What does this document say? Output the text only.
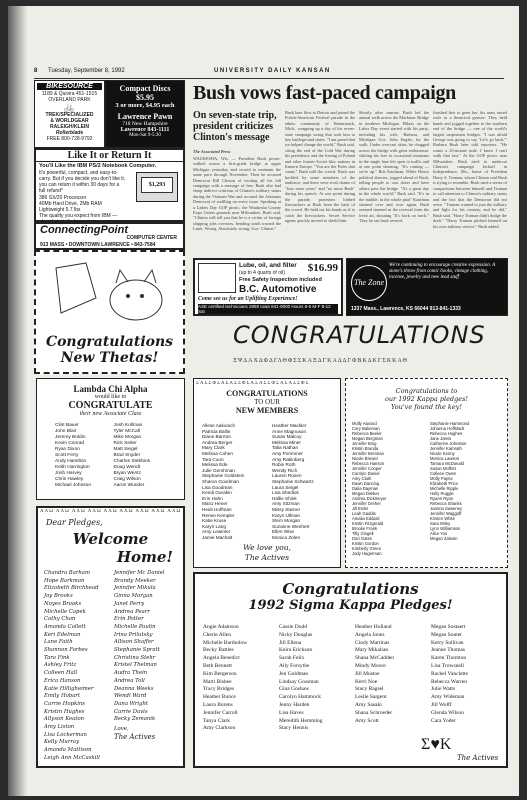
8 Tuesday, September 8, 1992	UNIVERSITY DAILY KANSAN
BIKESOURCE
1189 & Quivira 451-1515
OVERLAND PARK
🚲
TREK/SPECIALIZED
& WORLDGEAR
RALEIGH/KLEIN
Rollerblade
FREE 800-728-9792
Compact Discs
$5.95
3 or more, $4.95 each
Lawrence Pawn
718 New Hampshire
Lawrence 843-1111
Mon-Sat 9-5:30
Like It or Return It
You'll Like the IBM PS/2 Notebook Computer.
It's powerful, compact, and easy-to-carry. But if you decide you don't like it, you can return it within 30 days for a full refund*
386 SX/20 Processor
40Mb Hard Drive, 2Mb RAM
Lightweight 5.7 lbs
The quality you expect from IBM — already installed
$1,293
ConnectingPoint
COMPUTER CENTER
913 MASS • DOWNTOWN LAWRENCE • 843-7584
Congratulations New Thetas!
Bush vows fast-paced campaign
On seven-state trip, president criticizes Clinton's message
The Associated Press
WAUKESHA, Wis. — President Bush power-walked across a first-grade bridge at upper Michigan yesterday and vowed to maintain the same pace through November. Then he accused Democrat Bill Clinton of inciting all his fall campaign with a message of fear. Bush also had sharp indirect criticism of Clinton's military status during the Vietnam War and accused the Arkansas Democrat of waffling on every issue. Speaking at a Ladies Day GOP picnic, the Waukesha County Expo Center grounds near Milwaukee, Bush said, "Clinton will tell you that he is a victim of foreign shipping jobs overseas, bending south toward the Lasik. Wrong. Absolutely wrong, Gov. Clinton."
Bush later flew to Detroit and joined the Polish-American Festival parade in the ethnic community of Hamtramck, Mich., wrapping up a day of his seven-state campaign swing that took him to key battleground states. "I am proud that we helped change the world," Bush said, citing the end of the Cold War during his presidency and the freeing of Poland and other former Soviet bloc nations in Eastern Europe. "You are the Poles that count," Bush told the crowd. Bush was heckled by some members of the audience, and there were rival chants of "four more years" and "no more Bush" during his speech. At one point during the parade, protesters lobbed firecrackers at Bush from the back of the crowd. He held out his hands as if to catch the firecrackers. Secret Service agents quickly moved to shield him.
Shortly after sunrise, Bush led the annual walk across the Mackinac Bridge in northern Michigan. Hikers on the Labor Day event started with his party, including his wife, Barbara, and Michigan Gov. John Engler, for the walk. Under overcast skies, he chugged across the bridge with great enthusiasm, shifting his feet in occasional moments in the single lane left open to traffic and at one point shouting, "It's coming — we're up." Bob Kaufman, White House political director, jogged ahead of Bush, telling people to cast doors and have others pass the bridge. "It's a great day in the whole world," Bush said. "It's in the middle, in the whole plan" Kaufman shouted over and over again. Bush seemed stunned in the reversal from the fresh air, shouting "It's back on track." They he ran back several.
finished first to greet her, his arms raised wide in a theatrical gesture. They held hands and jogged together to the southern end of the bridge — one of the world's largest suspension bridges. "I was afraid George was going to say, 'Let's go back,'" Barbara Bush later told reporters. "He wants a 43-minute mile. I know I can't walk that fast." At the GOP picnic near Milwaukee, Bush tried to undercut Clinton's campaign kickoff in Independence, Mo., home of President Harry S. Truman, whom Clinton said Bush is trying to resemble. Bush used a series of comparisons between himself and Truman to call attention to Clinton's military status and the fact that the Democrat did not serve. "Truman wanted to join the military and fight for his country, and he did," Bush said. "Harry Truman didn't dodge the draft." "Harry Truman pitched himself on his own military service," Bush added.
Lube, oil, and filter
(up to 4 quarts of oil) $16.99
Free Safety Inspection included
B.C. Automotive
Come see us for an Uplifting Experience!
ASE certified technicians 2858 Iowa 841-9000 Hours 8-6 M-F 8-12 Sat
The Zone
We're continuing to encourage creative expression. A stone's throw from comic books, vintage clothing, incense, jewelry and new lead stuff
1337 Mass., Lawrence, KS 66044 913-841-1333
CONGRATULATIONS
ΞΨΔΑΧΔΦΔΓΛΘΦΣΣΚΑΞΔΓΚΑΔΔΓΦΒΚΔΚΓΣΚΚΑΘ
Lambda Chi Alpha
would like to
CONGRATULATE
their new Associate Class
Clint Bauer
John Blair
Jeremy Boldin
Kevin Conrad
Ryan Dixon
Scott Ferry
Andy Hamilton
Keith Harrington
Josh Harvey
Chris Hawley
Michael Johnson
Josh Kollman
Tyler McCall
Mike Morgan
Rick Seiter
Matt Siegel
Brad Snyder
Charles Stebbins
Doug Wendt
Bryan Wentz
Craig Wilson
Aaron Wunder
ΑΧΩ ΑΧΩ ΑΧΩ ΑΧΩ ΑΧΩ ΑΧΩ ΑΧΩ ΑΧΩ ΑΧΩ
Dear Pledges,
Welcome
Home!
Chandra Barham
Hope Barkman
Elizabeth Birchhead
Joy Brooks
Noyes Brooks
Michelle Capek
Cathy Chan
Amanda Collett
Keri Edelman
Lane Faith
Shannon Forbes
Tara Fink
Ashley Fritz
Colleen Hall
Erica Hanson
Katie Hilligheimer
Emily Hobart
Carrie Hopkins
Kristin Hughes
Allyson Keaton
Amy Liston
Lisa Lockerman
Kelly Murray
Amanda Mattison
Leigh Ann McCaskill
Jennifer Mc Daniel
Brandy Meeker
Jennifer Mikula
Ginna Morgan
Janet Perry
Andrea Pearr
Erin Potter
Michelle Paulin
Irina Prilutsky
Allison Shaffer
Stephanie Spratt
Christina Stehr
Kristel Thelman
Audra Thein
Andrea Toll
Deanna Weeks
Wendi Ward
Dana Wright
Carrie Davis
Becky Zemanik
Love,
The Actives
ΣΑΣΣΦΣΑΣΑΣΣΦΣΑΣΑΣΣΦΣΑΣΑΣΣΦΣ
CONGRATULATIONS
TO OUR
NEW MEMBERS
Allese Aakunich
Patricia Ballin
Diane Barrton
Andrea Berger
Mary Clark
Melissa Cohen
Tara Coon
Melissa Ede
Julie Gershman
Stephanie Goldstein
Sharon Goodman
Lisa Goodman
Kendi Gorakin
Erin Hahn
Marci Hener
Heidi Hoffman
Renee Kempler
Katie Kruse
Karyn Lang
Amy Lewinter
Jamie Machalt
Heather Mackler
Anne Magnuson
Susan Malcoy
Melissa Miner
Talia Nathan
Amy Porimmer
Amy Rabinberg
Robin Roth
Wendy Rich
Lauren Rosen
Stephanie Schwartz
Laura Seigel
Lisa Shedlok
Hallie Shink
Amy Sitzman
Missy Steiner
Karyn Ullman
Stem Morgan
Suzanne Wenhert
Ellen Wise
Monica Zelen
We love you,
The Actives
Congratulations to
our 1992 Kappa pledges!
You've found the key!
Molly Atwood
Cory Bakeman
Rebecca Beeler
Megan Bergman
Jennifer Bing
Kristin Branda
Jennifer Brennan
Nicole Brewer
Rebecca Hanson
Jennifer Cooper
Carolyn Daniel
Amy Clark
Dawn Dancing
Dalia Dayman
Megan Dekker
Andrea Dickmeyer
Jennifer Dreher
Jill Erder
Leah Gaddis
Amalia Eddard
Kristin Fitzgerald
Brooke Frank
Tilly Gingell
Dori Gates
Kristin Gordon
Kimberly Green
Jody Hagerman
Stephanie Hammond
Johanna Hoffstadt
Rebecca Hughes
Jane Jarvis
Catherine Johnston
Jennifer Kamrath
Nicole Kenny
Monica Lawson
Tamara McDonald
Susan Moffett
Colleen Owen
Molly Payne
Elizabeth Price
Michelle Ripple
Holly Ruggle
Ryann Ryan
Rebecca Shanks
Joanna Sweeney
Jennifer Waggoff
Kristen White
Sara Wiley
Lynn Williamson
Alice Yoo
Megan Zalesin
Congratulations
1992 Sigma Kappa Pledges!
Angie Adamson
Cherie Allen
Michelle Bartholow
Becky Battles
Angela Benedict
Beth Bennett
Kim Bergerson
Marti Bishee
Tracy Bridges
Heather Bunce
Laura Burens
Jennifer Carroll
Tanya Clark
Amy Clarkson
Cassie Dodd
Nicky Douglas
Jill Ellena
Keira Erickson
Sarah Felix
Ally Forsythe
Jen Goldman
Lindsay Gossman
Gina Goshaw
Carolyn Hammock
Jenny Harden
Lisa Haves
Meredith Hemming
Stacy Hennis
Heather Holland
Angela Jones
Cindy Martinas
Mary Mikalian
Shana McCadden
Mindy Moore
Jill Mustoe
Kerri Noe
Stacy Ragsel
Leslie Sargent
Amy Sasaki
Shana Schroeder
Amy Scott
Megan Sostaert
Megan Souter
Kerry Sullivan
Jeanne Thomas
Karen Thornton
Lisa Trowsnell
Rachel Vanclette
Rebecca Warren
Julie Watts
Amy Wideman
Jill Wolff
Glenda Wilson
Cara Yoder
Σ♥Κ
The Actives
